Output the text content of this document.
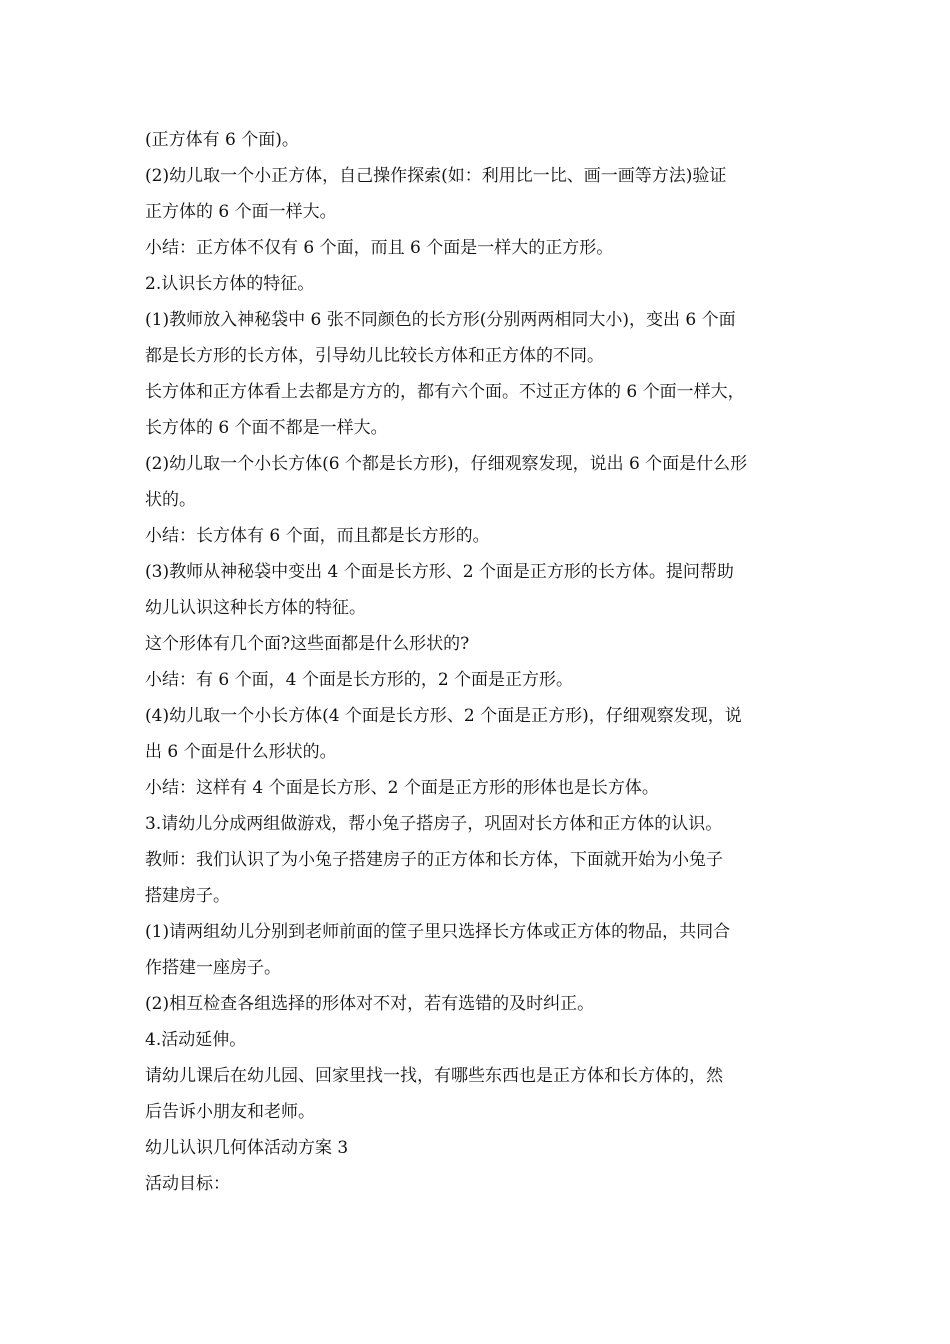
(正方体有 6 个面)。

(2)幼儿取一个小正方体，自己操作探索(如：利用比一比、画一画等方法)验证

正方体的 6 个面一样大。

小结：正方体不仅有 6 个面，而且 6 个面是一样大的正方形。

2.认识长方体的特征。

(1)教师放入神秘袋中 6 张不同颜色的长方形(分别两两相同大小)，变出 6 个面

都是长方形的长方体，引导幼儿比较长方体和正方体的不同。

长方体和正方体看上去都是方方的，都有六个面。不过正方体的 6 个面一样大，

长方体的 6 个面不都是一样大。

(2)幼儿取一个小长方体(6 个都是长方形)，仔细观察发现，说出 6 个面是什么形

状的。

小结：长方体有 6 个面，而且都是长方形的。

(3)教师从神秘袋中变出 4 个面是长方形、2 个面是正方形的长方体。提问帮助

幼儿认识这种长方体的特征。

这个形体有几个面?这些面都是什么形状的?

小结：有 6 个面，4 个面是长方形的，2 个面是正方形。

(4)幼儿取一个小长方体(4 个面是长方形、2 个面是正方形)，仔细观察发现，说

出 6 个面是什么形状的。

小结：这样有 4 个面是长方形、2 个面是正方形的形体也是长方体。

3.请幼儿分成两组做游戏，帮小兔子搭房子，巩固对长方体和正方体的认识。

教师：我们认识了为小兔子搭建房子的正方体和长方体，下面就开始为小兔子

搭建房子。

(1)请两组幼儿分别到老师前面的筐子里只选择长方体或正方体的物品，共同合

作搭建一座房子。

(2)相互检查各组选择的形体对不对，若有选错的及时纠正。

4.活动延伸。

请幼儿课后在幼儿园、回家里找一找，有哪些东西也是正方体和长方体的，然

后告诉小朋友和老师。

幼儿认识几何体活动方案 3

活动目标：
